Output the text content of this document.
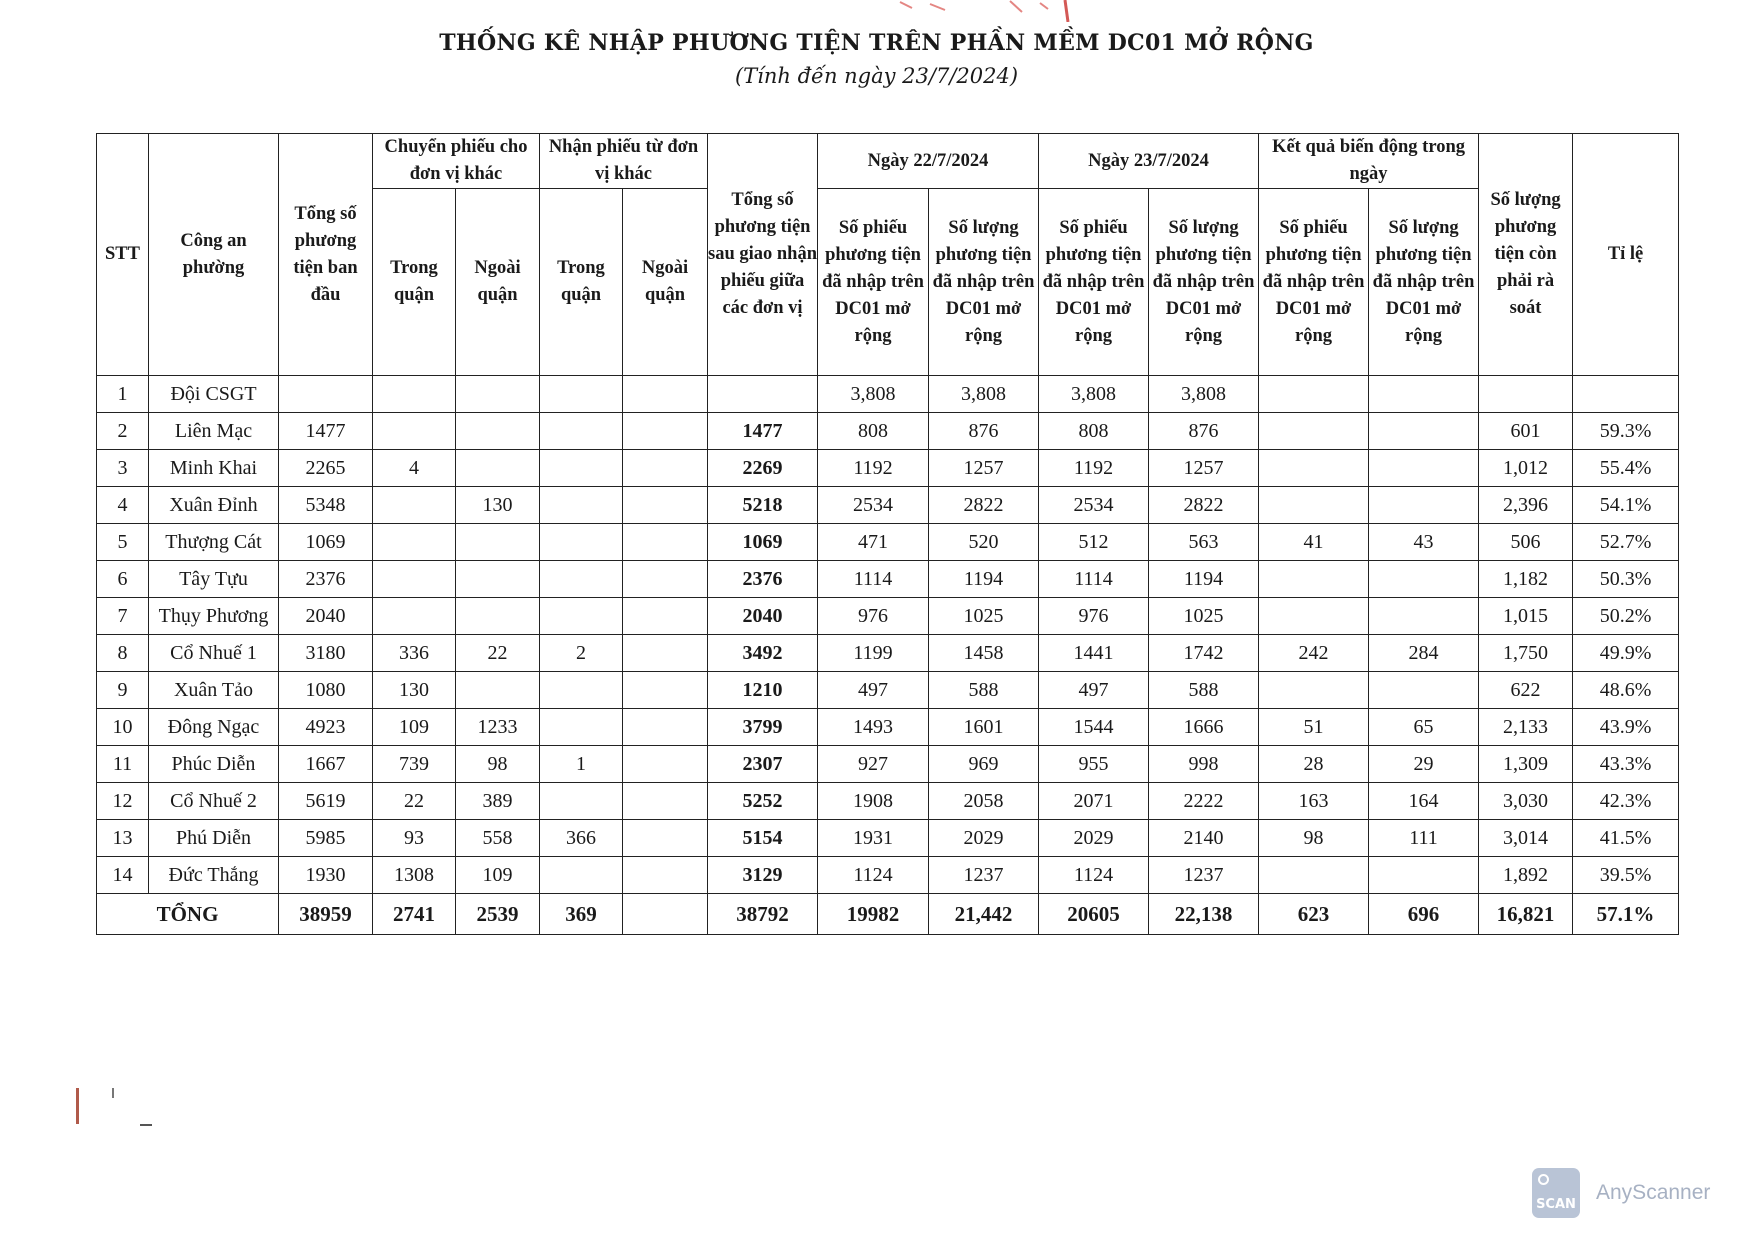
THỐNG KÊ NHẬP PHƯƠNG TIỆN TRÊN PHẦN MỀM DC01 MỞ RỘNG
(Tính đến ngày 23/7/2024)
STT	Công an phường	Tổng số phương tiện ban đầu	Chuyển phiếu cho đơn vị khác		Nhận phiếu từ đơn vị khác		Tổng số phương tiện sau giao nhận phiếu giữa các đơn vị	Ngày 22/7/2024		Ngày 23/7/2024		Kết quả biến động trong ngày		Số lượng phương tiện còn phải rà soát	Tỉ lệ
			Trong quận	Ngoài quận	Trong quận	Ngoài quận		Số phiếu phương tiện đã nhập trên DC01 mở rộng	Số lượng phương tiện đã nhập trên DC01 mở rộng	Số phiếu phương tiện đã nhập trên DC01 mở rộng	Số lượng phương tiện đã nhập trên DC01 mở rộng	Số phiếu phương tiện đã nhập trên DC01 mở rộng	Số lượng phương tiện đã nhập trên DC01 mở rộng		
1	Đội CSGT							3,808	3,808	3,808	3,808				
2	Liên Mạc	1477					1477	808	876	808	876			601	59.3%
3	Minh Khai	2265	4				2269	1192	1257	1192	1257			1,012	55.4%
4	Xuân Đỉnh	5348		130			5218	2534	2822	2534	2822			2,396	54.1%
5	Thượng Cát	1069					1069	471	520	512	563	41	43	506	52.7%
6	Tây Tựu	2376					2376	1114	1194	1114	1194			1,182	50.3%
7	Thụy Phương	2040					2040	976	1025	976	1025			1,015	50.2%
8	Cổ Nhuế 1	3180	336	22	2		3492	1199	1458	1441	1742	242	284	1,750	49.9%
9	Xuân Tảo	1080	130				1210	497	588	497	588			622	48.6%
10	Đông Ngạc	4923	109	1233			3799	1493	1601	1544	1666	51	65	2,133	43.9%
11	Phúc Diễn	1667	739	98	1		2307	927	969	955	998	28	29	1,309	43.3%
12	Cổ Nhuế 2	5619	22	389			5252	1908	2058	2071	2222	163	164	3,030	42.3%
13	Phú Diễn	5985	93	558	366		5154	1931	2029	2029	2140	98	111	3,014	41.5%
14	Đức Thắng	1930	1308	109			3129	1124	1237	1124	1237			1,892	39.5%
TỔNG		38959	2741	2539	369		38792	19982	21,442	20605	22,138	623	696	16,821	57.1%
SCAN
AnyScanner
